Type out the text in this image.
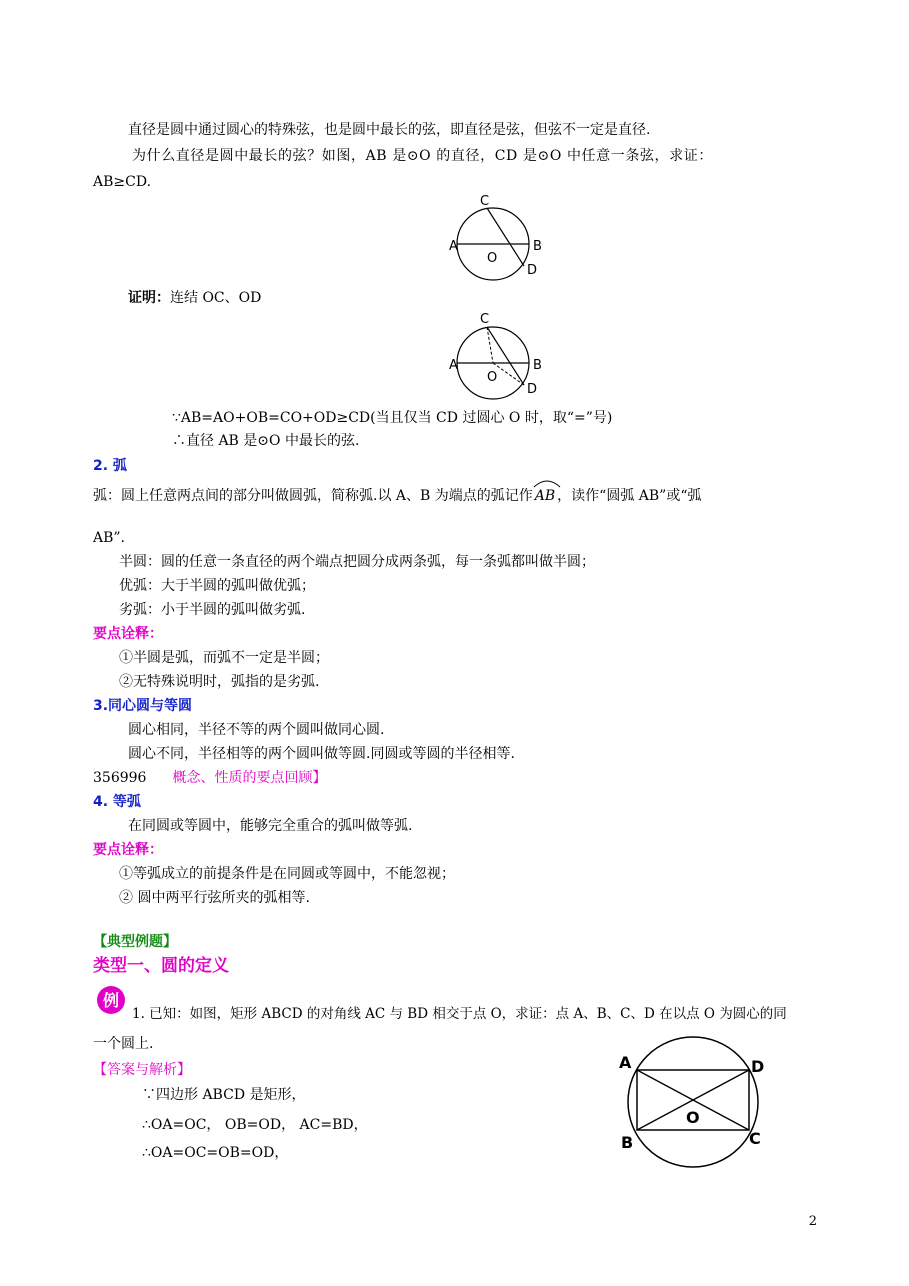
直径是圆中通过圆心的特殊弦，也是圆中最长的弦，即直径是弦，但弦不一定是直径.
为什么直径是圆中最长的弦？如图，AB 是⊙O 的直径，CD 是⊙O 中任意一条弦，求证：
AB≥CD.
C
A	B
D
O
证明：连结 OC、OD
C
A	B
D
O
∵AB=AO+OB=CO+OD≥CD(当且仅当 CD 过圆心 O 时，取“=”号)
∴直径 AB 是⊙O 中最长的弦.
2. 弧
弧：圆上任意两点间的部分叫做圆弧，简称弧.以 A、B 为端点的弧记作 AB ，读作“圆弧 AB”或“弧
AB”.
半圆：圆的任意一条直径的两个端点把圆分成两条弧，每一条弧都叫做半圆；
优弧：大于半圆的弧叫做优弧；
劣弧：小于半圆的弧叫做劣弧.
要点诠释：
①半圆是弧，而弧不一定是半圆；
②无特殊说明时，弧指的是劣弧.
3.同心圆与等圆
圆心相同，半径不等的两个圆叫做同心圆.
圆心不同，半径相等的两个圆叫做等圆.同圆或等圆的半径相等.
356996 概念、性质的要点回顾】
4. 等弧
在同圆或等圆中，能够完全重合的弧叫做等弧.
要点诠释：
①等弧成立的前提条件是在同圆或等圆中，不能忽视；
② 圆中两平行弦所夹的弧相等.
【典型例题】
类型一、圆的定义
例
1. 已知：如图，矩形 ABCD 的对角线 AC 与 BD 相交于点 O，求证：点 A、B、C、D 在以点 O 为圆心的同
一个圆上.
【答案与解析】
∵四边形 ABCD 是矩形，
∴OA=OC， OB=OD， AC=BD，
∴OA=OC=OB=OD，
A	D
B	C
O
2
